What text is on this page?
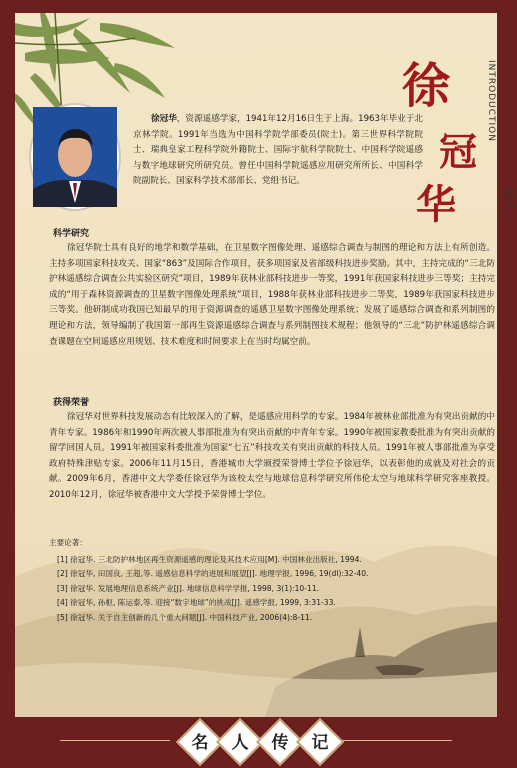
INTRODUCTION
徐
冠
华	简介
徐冠华，资源遥感学家，1941年12月16日生于上海。1963年毕业于北京林学院。1991年当选为中国科学院学部委员(院士)。第三世界科学院院士、瑞典皇家工程科学院外籍院士、国际宇航科学院院士、中国科学院遥感与数字地球研究所研究员。曾任中国科学院遥感应用研究所所长、中国科学院副院长、国家科学技术部部长、党组书记。
科学研究
徐冠华院士具有良好的地学和数学基础，在卫星数字图像处理、遥感综合调查与制图的理论和方法上有所创造。主持多项国家科技攻关、国家“863”及国际合作项目，获多项国家及省部级科技进步奖励。其中，主持完成的“三北防护林遥感综合调查公共实验区研究”项目，1989年获林业部科技进步一等奖，1991年获国家科技进步三等奖；主持完成的“用于森林资源调查的卫星数字图像处理系统”项目，1988年获林业部科技进步二等奖，1989年获国家科技进步三等奖。他研制成功我国已知最早的用于资源调查的遥感卫星数字图像处理系统；发展了遥感综合调查和系列制图的理论和方法，领导编制了我国第一部再生资源遥感综合调查与系列制图技术规程；他领导的“三北”防护林遥感综合调查课题在空间遥感应用规划、技术难度和时间要求上在当时均属空前。
获得荣誉
徐冠华对世界科技发展动态有比较深入的了解，是遥感应用科学的专家。1984年被林业部批准为有突出贡献的中青年专家。1986年和1990年两次被人事部批准为有突出贡献的中青年专家。1990年被国家教委批准为有突出贡献的留学回国人员。1991年被国家科委批准为国家“七五”科技攻关有突出贡献的科技人员。1991年被人事部批准为享受政府特殊津贴专家。2006年11月15日，香港城市大学颁授荣誉博士学位予徐冠华，以表彰他的成就及对社会的贡献。2009年6月，香港中文大学委任徐冠华为该校太空与地球信息科学研究所伟伦太空与地球科学研究客座教授。2010年12月，徐冠华被香港中文大学授予荣誉博士学位。
主要论著：
[1] 徐冠华. 三北防护林地区再生资源遥感的理论及其技术应用[M]. 中国林业出版社, 1994.
[2] 徐冠华, 田国良, 王超,等. 遥感信息科学的进展和展望[J]. 地理学报, 1996, 19(dl):32-40.
[3] 徐冠华. 发展地理信息系统产业[J]. 地球信息科学学报, 1998, 3(1):10-11.
[4] 徐冠华, 孙枢, 陈运泰,等. 迎接“数字地球”的挑战[J]. 遥感学报, 1999, 3:31-33.
[5] 徐冠华. 关于自主创新的几个重大问题[J]. 中国科技产业, 2006(4):8-11.
名	人	传	记
